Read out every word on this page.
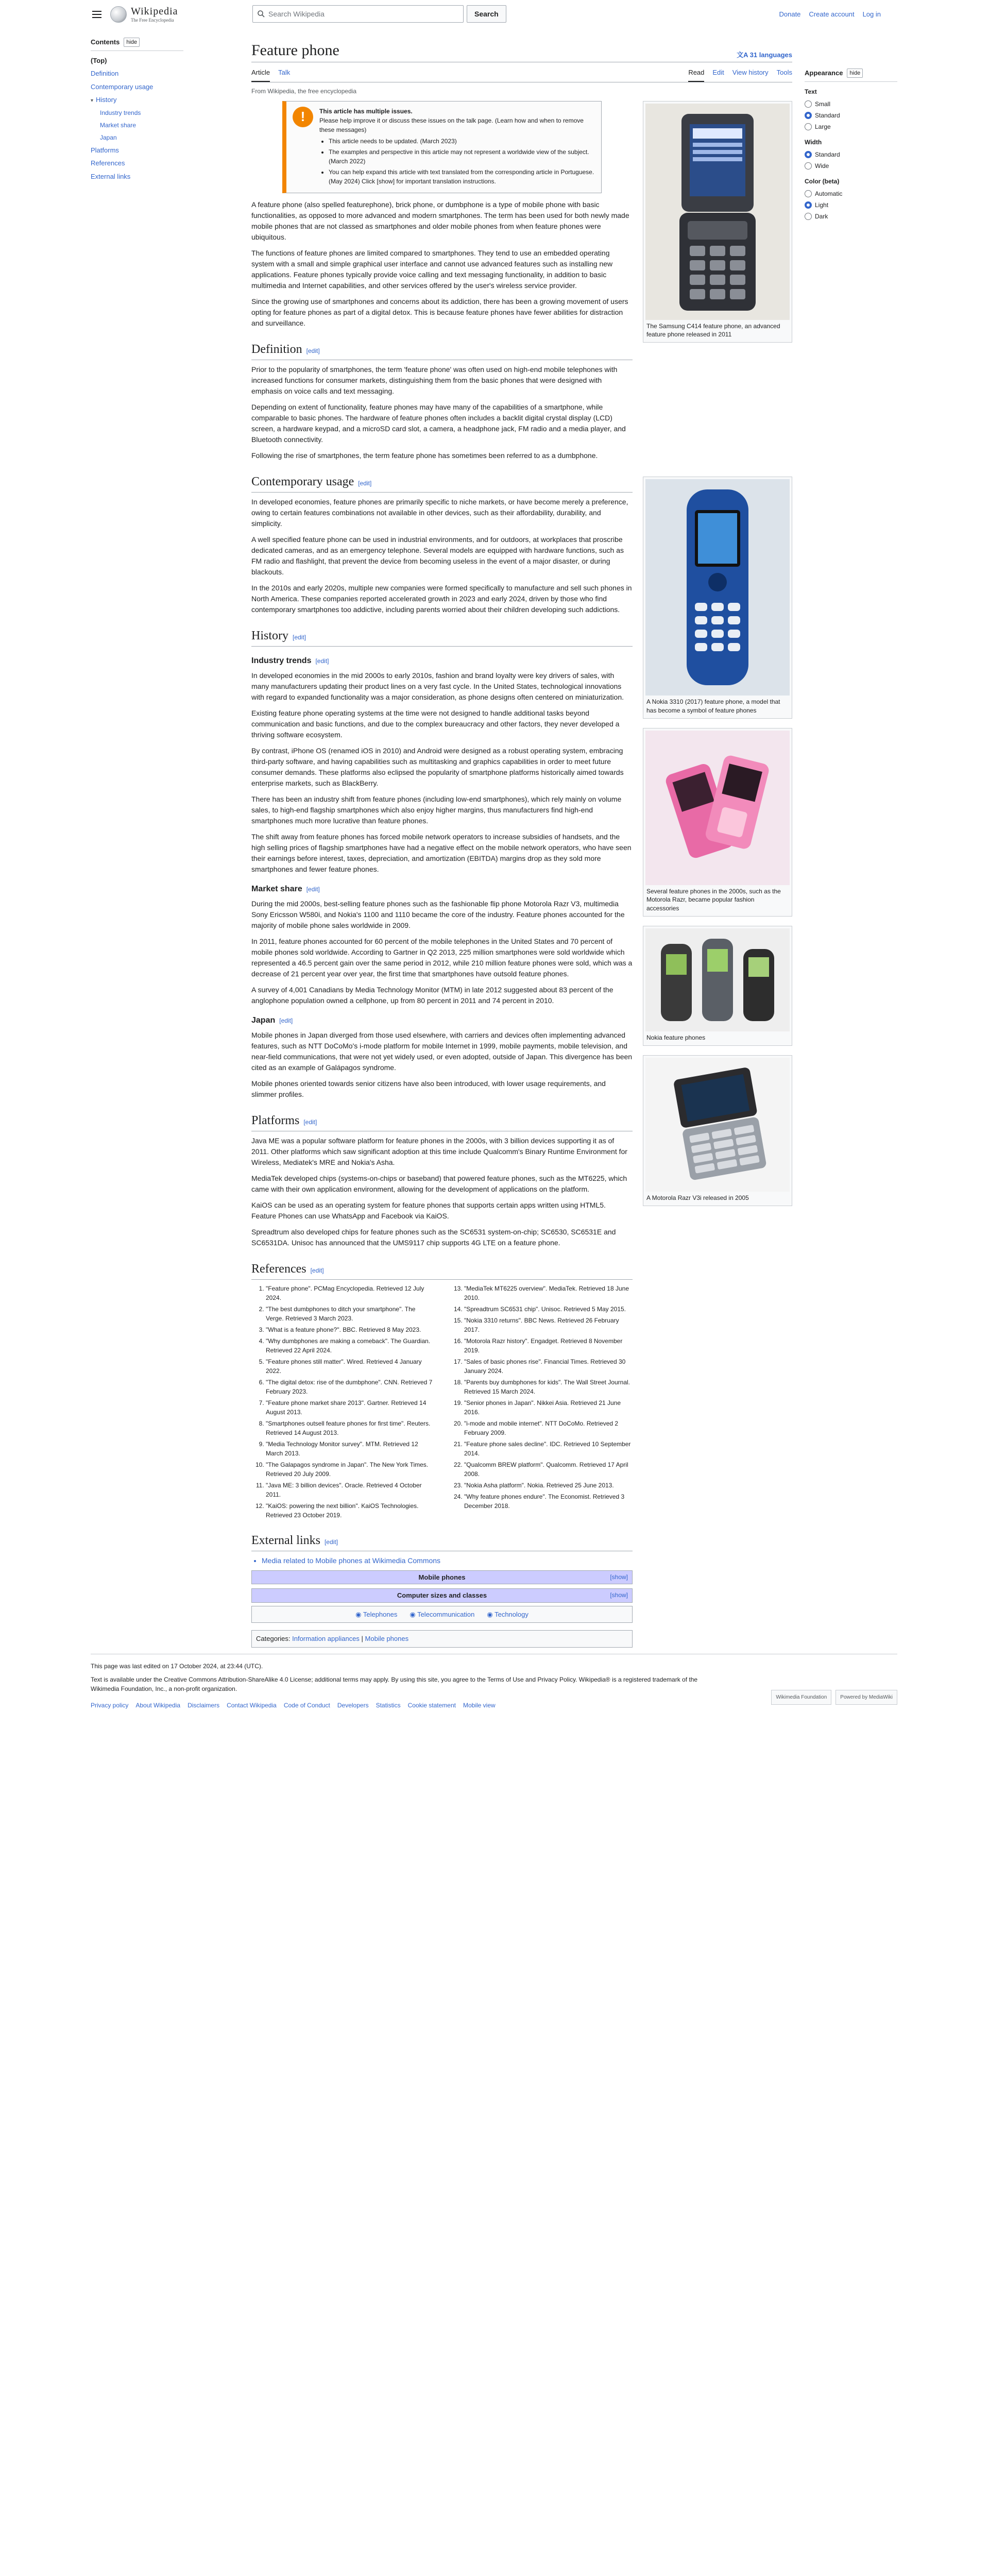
Wikipedia
The Free Encyclopedia
Search Wikipedia	Search	Donate Create account Log in
Contents	hide
(Top)
Definition
Contemporary usage
▾ History
Industry trends
Market share
Japan
Platforms
References
External links
Appearance	hide
Text
Small
Standard
Large
Width
Standard
Wide
Color (beta)
Automatic
Light
Dark
Feature phone	文A 31 languages
Article Talk	Read Edit View history Tools
From Wikipedia, the free encyclopedia
!	This article has multiple issues.
Please help improve it or discuss these issues on the talk page. (Learn how and when to remove these messages)
• This article needs to be updated. (March 2023)
• The examples and perspective in this article may not represent a worldwide view of the subject. (March 2022)
• You can help expand this article with text translated from the corresponding article in Portuguese. (May 2024) Click [show] for important translation instructions.

A feature phone (also spelled featurephone), brick phone, or dumbphone is a type of mobile phone with basic functionalities, as opposed to more advanced and modern smartphones. The term has been used for both newly made mobile phones that are not classed as smartphones and older mobile phones from when feature phones were ubiquitous.

The functions of feature phones are limited compared to smartphones. They tend to use an embedded operating system with a small and simple graphical user interface and cannot use advanced features such as installing new applications. Feature phones typically provide voice calling and text messaging functionality, in addition to basic multimedia and Internet capabilities, and other services offered by the user's wireless service provider.

Since the growing use of smartphones and concerns about its addiction, there has been a growing movement of users opting for feature phones as part of a digital detox. This is because feature phones have fewer abilities for distraction and surveillance.

Definition [edit]

Prior to the popularity of smartphones, the term 'feature phone' was often used on high-end mobile telephones with increased functions for consumer markets, distinguishing them from the basic phones that were designed with emphasis on voice calls and text messaging.

Depending on extent of functionality, feature phones may have many of the capabilities of a smartphone, while comparable to basic phones. The hardware of feature phones often includes a backlit digital crystal display (LCD) screen, a hardware keypad, and a microSD card slot, a camera, a headphone jack, FM radio and a media player, and Bluetooth connectivity.

Following the rise of smartphones, the term feature phone has sometimes been referred to as a dumbphone.

Contemporary usage [edit]

In developed economies, feature phones are primarily specific to niche markets, or have become merely a preference, owing to certain features combinations not available in other devices, such as their affordability, durability, and simplicity.

A well specified feature phone can be used in industrial environments, and for outdoors, at workplaces that proscribe dedicated cameras, and as an emergency telephone. Several models are equipped with hardware functions, such as FM radio and flashlight, that prevent the device from becoming useless in the event of a major disaster, or during blackouts.

In the 2010s and early 2020s, multiple new companies were formed specifically to manufacture and sell such phones in North America. These companies reported accelerated growth in 2023 and early 2024, driven by those who find contemporary smartphones too addictive, including parents worried about their children developing such addictions.

History [edit]
Industry trends [edit]

In developed economies in the mid 2000s to early 2010s, fashion and brand loyalty were key drivers of sales, with many manufacturers updating their product lines on a very fast cycle. In the United States, technological innovations with regard to expanded functionality was a major consideration, as phone designs often centered on miniaturization.

Existing feature phone operating systems at the time were not designed to handle additional tasks beyond communication and basic functions, and due to the complex bureaucracy and other factors, they never developed a thriving software ecosystem.

By contrast, iPhone OS (renamed iOS in 2010) and Android were designed as a robust operating system, embracing third-party software, and having capabilities such as multitasking and graphics capabilities in order to meet future consumer demands. These platforms also eclipsed the popularity of smartphone platforms historically aimed towards enterprise markets, such as BlackBerry.

There has been an industry shift from feature phones (including low-end smartphones), which rely mainly on volume sales, to high-end flagship smartphones which also enjoy higher margins, thus manufacturers find high-end smartphones much more lucrative than feature phones.

The shift away from feature phones has forced mobile network operators to increase subsidies of handsets, and the high selling prices of flagship smartphones have had a negative effect on the mobile network operators, who have seen their earnings before interest, taxes, depreciation, and amortization (EBITDA) margins drop as they sold more smartphones and fewer feature phones.

Market share [edit]

During the mid 2000s, best-selling feature phones such as the fashionable flip phone Motorola Razr V3, multimedia Sony Ericsson W580i, and Nokia's 1100 and 1110 became the core of the industry. Feature phones accounted for the majority of mobile phone sales worldwide in 2009.

In 2011, feature phones accounted for 60 percent of the mobile telephones in the United States and 70 percent of mobile phones sold worldwide. According to Gartner in Q2 2013, 225 million smartphones were sold worldwide which represented a 46.5 percent gain over the same period in 2012, while 210 million feature phones were sold, which was a decrease of 21 percent year over year, the first time that smartphones have outsold feature phones.

A survey of 4,001 Canadians by Media Technology Monitor (MTM) in late 2012 suggested about 83 percent of the anglophone population owned a cellphone, up from 80 percent in 2011 and 74 percent in 2010.

Japan [edit]

Mobile phones in Japan diverged from those used elsewhere, with carriers and devices often implementing advanced features, such as NTT DoCoMo's i-mode platform for mobile Internet in 1999, mobile payments, mobile television, and near-field communications, that were not yet widely used, or even adopted, outside of Japan. This divergence has been cited as an example of Galápagos syndrome.

Mobile phones oriented towards senior citizens have also been introduced, with lower usage requirements, and slimmer profiles.

Platforms [edit]

Java ME was a popular software platform for feature phones in the 2000s, with 3 billion devices supporting it as of 2011. Other platforms which saw significant adoption at this time include Qualcomm's Binary Runtime Environment for Wireless, Mediatek's MRE and Nokia's Asha.

MediaTek developed chips (systems-on-chips or baseband) that powered feature phones, such as the MT6225, which came with their own application environment, allowing for the development of applications on the platform.

KaiOS can be used as an operating system for feature phones that supports certain apps written using HTML5. Feature Phones can use WhatsApp and Facebook via KaiOS.

Spreadtrum also developed chips for feature phones such as the SC6531 system-on-chip; SC6530, SC6531E and SC6531DA. Unisoc has announced that the UMS9117 chip supports 4G LTE on a feature phone.

References [edit]
1. "Feature phone". PCMag Encyclopedia. Retrieved 12 July 2024.
2. "The best dumbphones to ditch your smartphone". The Verge. Retrieved 3 March 2023.
3. "What is a feature phone?". BBC. Retrieved 8 May 2023.
4. "Why dumbphones are making a comeback". The Guardian. Retrieved 22 April 2024.
5. "Feature phones still matter". Wired. Retrieved 4 January 2022.
6. "The digital detox: rise of the dumbphone". CNN. Retrieved 7 February 2023.
7. "Feature phone market share 2013". Gartner. Retrieved 14 August 2013.
8. "Smartphones outsell feature phones for first time". Reuters. Retrieved 14 August 2013.
9. "Media Technology Monitor survey". MTM. Retrieved 12 March 2013.
10. "The Galapagos syndrome in Japan". The New York Times. Retrieved 20 July 2009.
11. "Java ME: 3 billion devices". Oracle. Retrieved 4 October 2011.
12. "KaiOS: powering the next billion". KaiOS Technologies. Retrieved 23 October 2019.
13. "MediaTek MT6225 overview". MediaTek. Retrieved 18 June 2010.
14. "Spreadtrum SC6531 chip". Unisoc. Retrieved 5 May 2015.
15. "Nokia 3310 returns". BBC News. Retrieved 26 February 2017.
16. "Motorola Razr history". Engadget. Retrieved 8 November 2019.
17. "Sales of basic phones rise". Financial Times. Retrieved 30 January 2024.
18. "Parents buy dumbphones for kids". The Wall Street Journal. Retrieved 15 March 2024.
19. "Senior phones in Japan". Nikkei Asia. Retrieved 21 June 2016.
20. "i-mode and mobile internet". NTT DoCoMo. Retrieved 2 February 2009.
21. "Feature phone sales decline". IDC. Retrieved 10 September 2014.
22. "Qualcomm BREW platform". Qualcomm. Retrieved 17 April 2008.
23. "Nokia Asha platform". Nokia. Retrieved 25 June 2013.
24. "Why feature phones endure". The Economist. Retrieved 3 December 2018.
External links [edit]
• Media related to Mobile phones at Wikimedia Commons
Mobile phones	[show]
Computer sizes and classes	[show]
◉ Telephones ◉ Telecommunication ◉ Technology
Categories: Information appliances | Mobile phones
The Samsung C414 feature phone, an advanced feature phone released in 2011
A Nokia 3310 (2017) feature phone, a model that has become a symbol of feature phones
Several feature phones in the 2000s, such as the Motorola Razr, became popular fashion accessories
Nokia feature phones
A Motorola Razr V3i released in 2005
This page was last edited on 17 October 2024, at 23:44 (UTC).
Text is available under the Creative Commons Attribution-ShareAlike 4.0 License; additional terms may apply. By using this site, you agree to the Terms of Use and Privacy Policy. Wikipedia® is a registered trademark of the Wikimedia Foundation, Inc., a non-profit organization.
Privacy policy About Wikipedia Disclaimers Contact Wikipedia Code of Conduct Developers Statistics Cookie statement Mobile view
Wikimedia Foundation	Powered by MediaWiki
